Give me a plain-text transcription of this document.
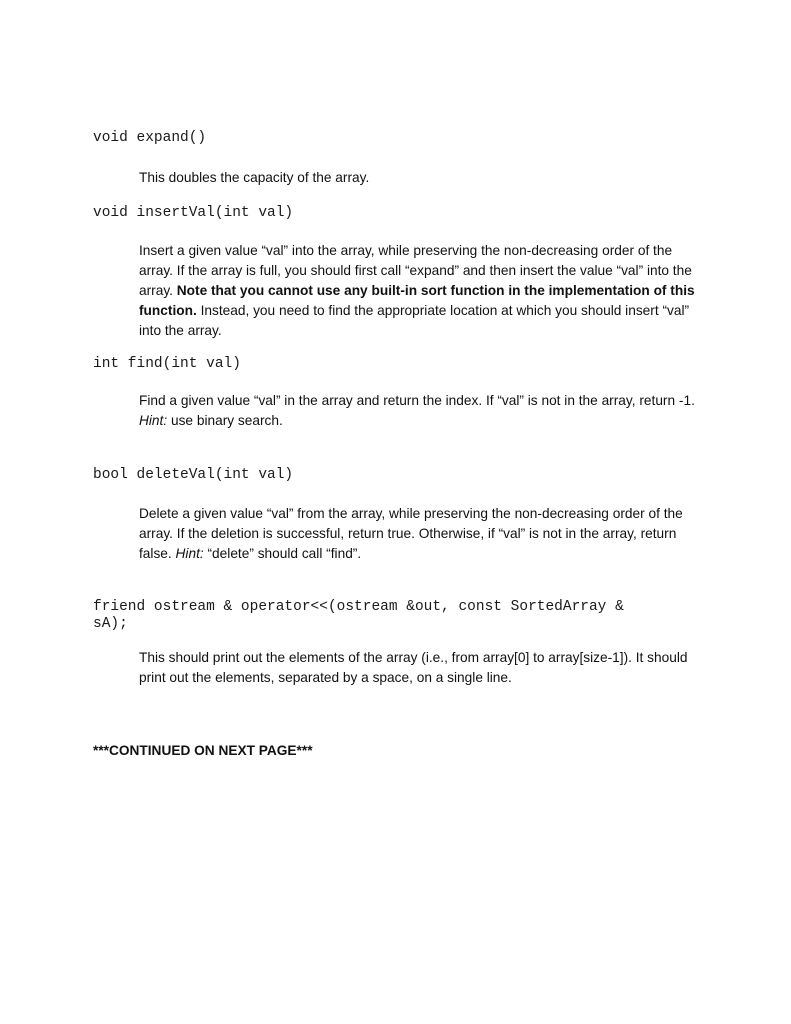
void expand()

This doubles the capacity of the array.

void insertVal(int val)

Insert a given value “val” into the array, while preserving the non-decreasing order of the array. If the array is full, you should first call “expand” and then insert the value “val” into the array. Note that you cannot use any built-in sort function in the implementation of this function. Instead, you need to find the appropriate location at which you should insert “val” into the array.

int find(int val)

Find a given value “val” in the array and return the index. If “val” is not in the array, return -1. Hint: use binary search.

bool deleteVal(int val)

Delete a given value “val” from the array, while preserving the non-decreasing order of the array. If the deletion is successful, return true. Otherwise, if “val” is not in the array, return false. Hint: “delete” should call “find”.

friend ostream & operator<<(ostream &out, const SortedArray &
sA);

This should print out the elements of the array (i.e., from array[0] to array[size-1]). It should print out the elements, separated by a space, on a single line.

***CONTINUED ON NEXT PAGE***
